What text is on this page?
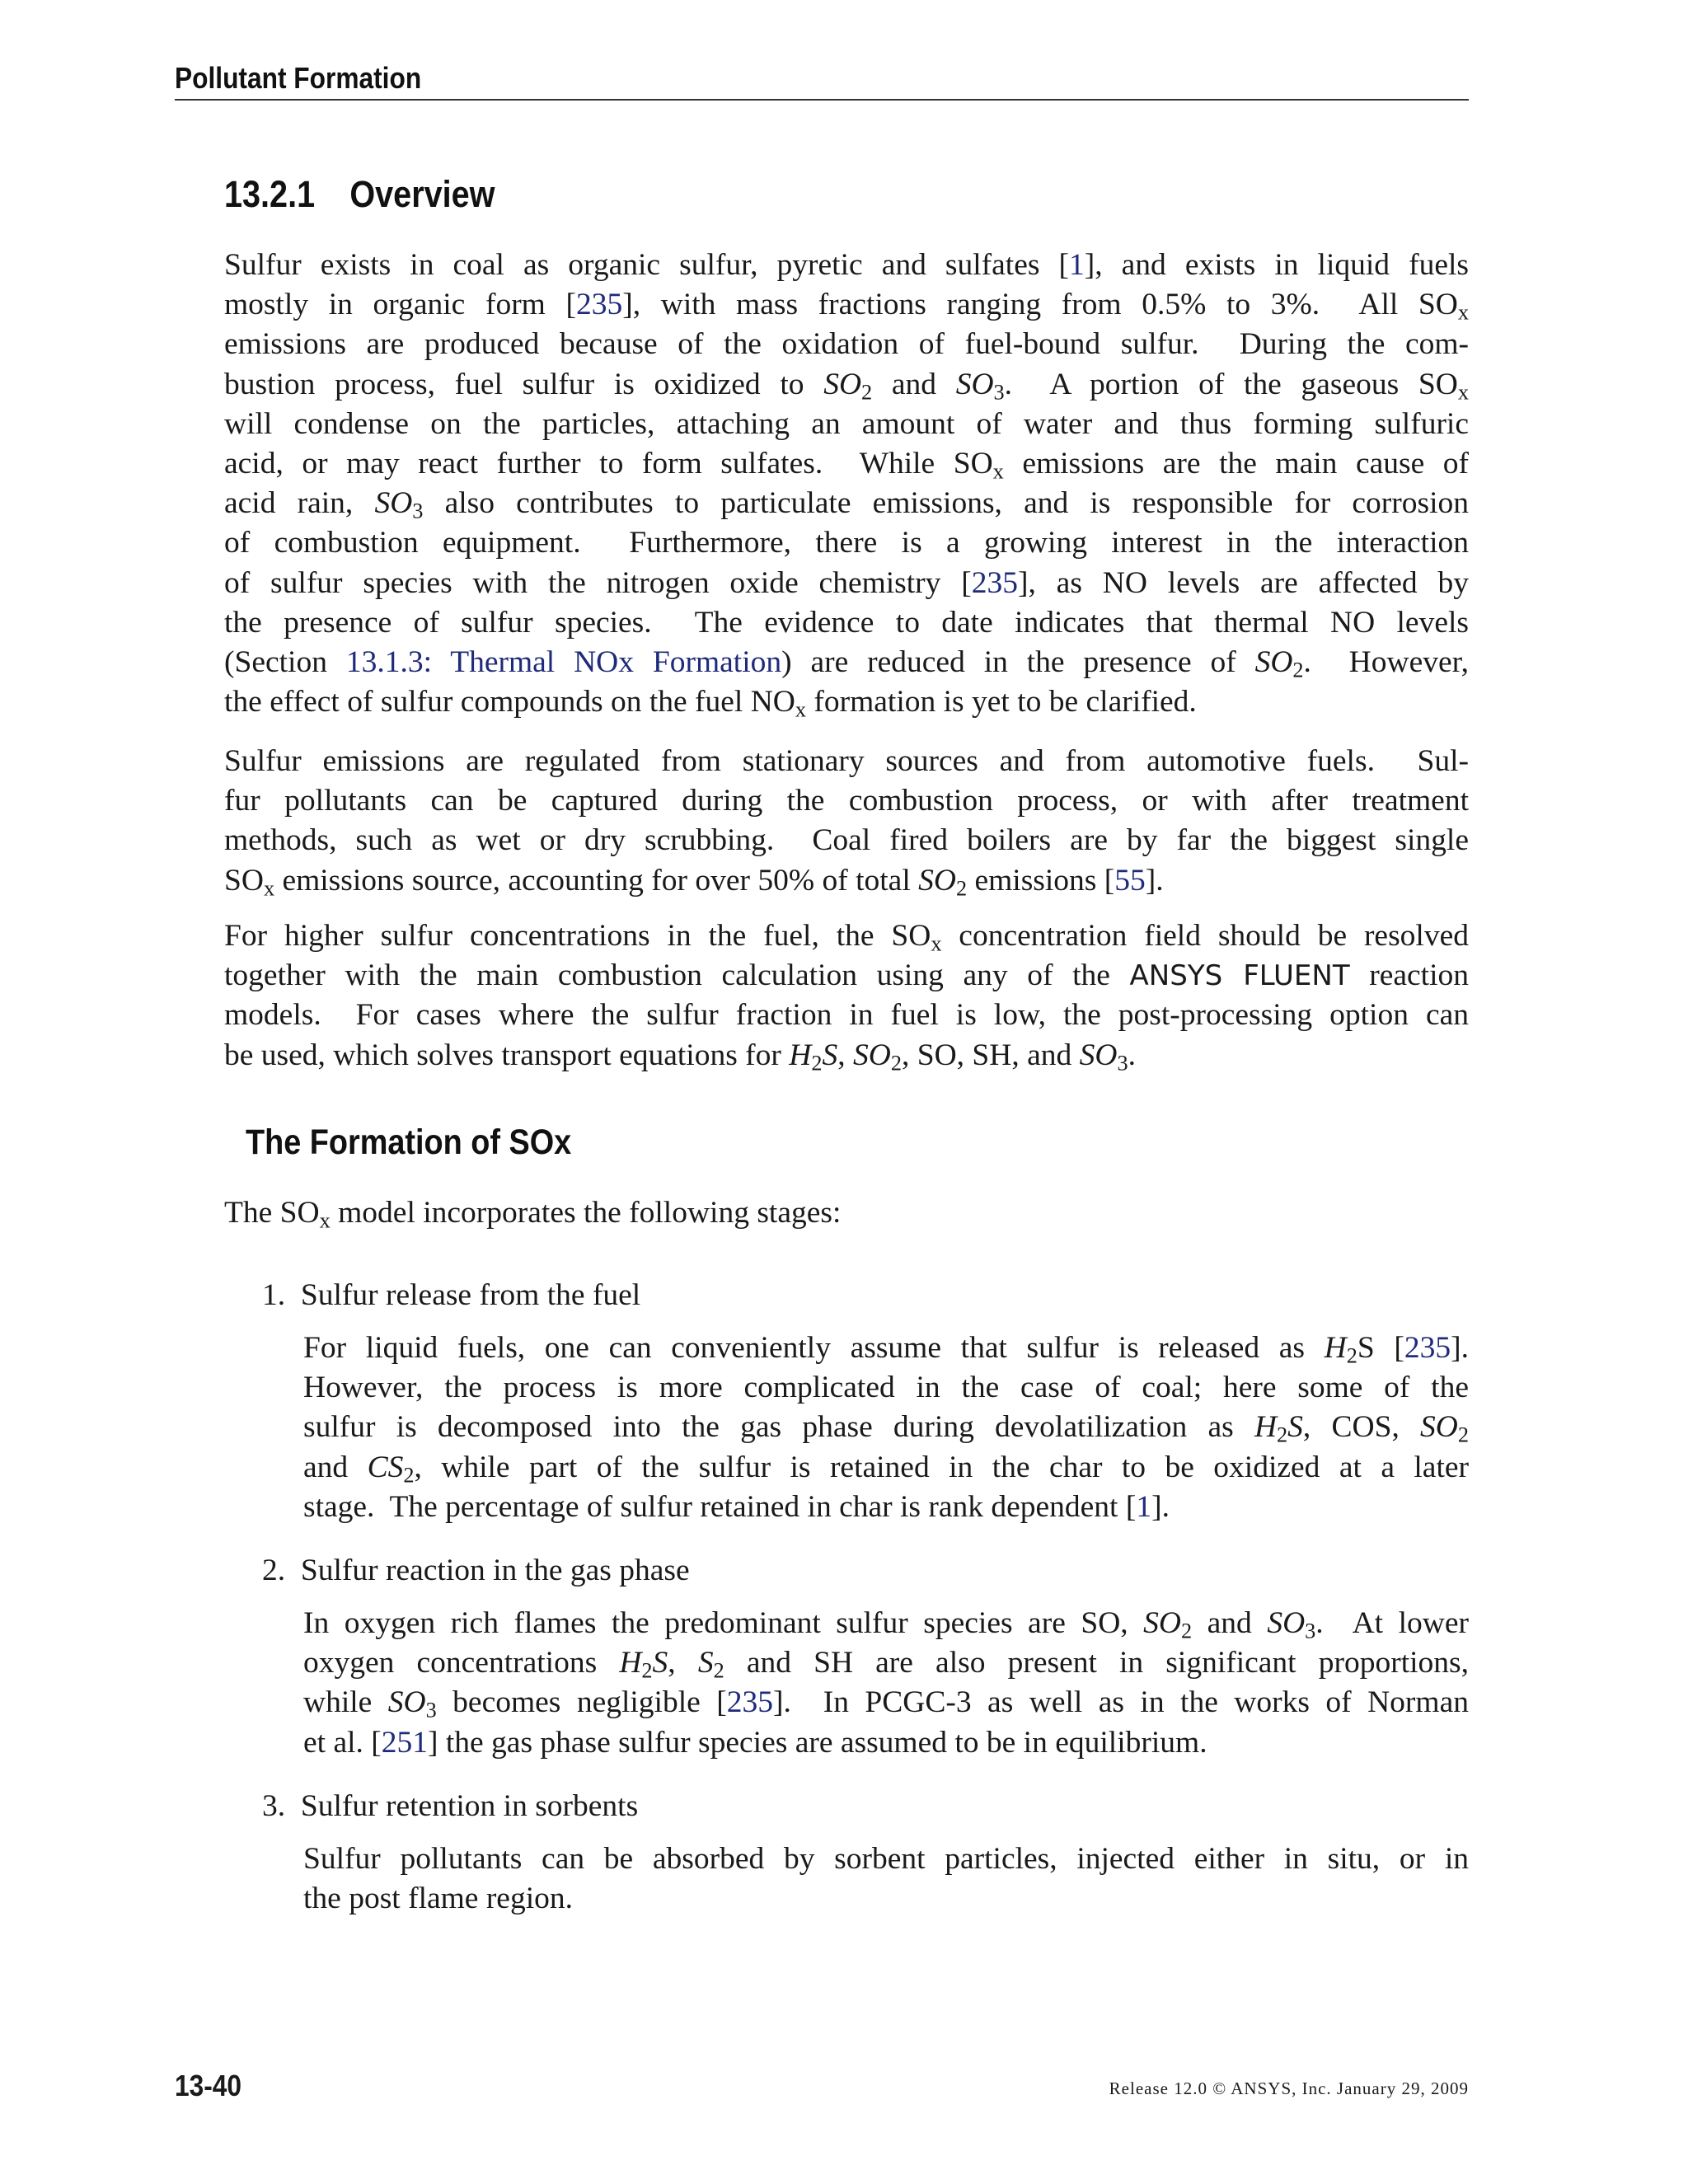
Pollutant Formation
13.2.1 Overview
Sulfur exists in coal as organic sulfur, pyretic and sulfates [1], and exists in liquid fuels
mostly in organic form [235], with mass fractions ranging from 0.5% to 3%.  All $SO_x$
emissions are produced because of the oxidation of fuel-bound sulfur.  During the com-
bustion process, fuel sulfur is oxidized to $SO_2$ and $SO_3$.  A portion of the gaseous $SO_x$
will condense on the particles, attaching an amount of water and thus forming sulfuric
acid, or may react further to form sulfates.  While $SO_x$ emissions are the main cause of
acid rain, $SO_3$ also contributes to particulate emissions, and is responsible for corrosion
of combustion equipment.  Furthermore, there is a growing interest in the interaction
of sulfur species with the nitrogen oxide chemistry [235], as NO levels are affected by
the presence of sulfur species.  The evidence to date indicates that thermal NO levels
(Section 13.1.3: Thermal NOx Formation) are reduced in the presence of $SO_2$.  However,
the effect of sulfur compounds on the fuel $NO_x$ formation is yet to be clarified.
Sulfur emissions are regulated from stationary sources and from automotive fuels.  Sul-
fur pollutants can be captured during the combustion process, or with after treatment
methods, such as wet or dry scrubbing.  Coal fired boilers are by far the biggest single
$SO_x$ emissions source, accounting for over 50% of total $SO_2$ emissions [55].
For higher sulfur concentrations in the fuel, the $SO_x$ concentration field should be resolved
together with the main combustion calculation using any of the ANSYS FLUENT reaction
models.  For cases where the sulfur fraction in fuel is low, the post-processing option can
be used, which solves transport equations for $H_2S$, $SO_2$, SO, SH, and $SO_3$.
The Formation of SOx
The $SO_x$ model incorporates the following stages:
1. Sulfur release from the fuel
For liquid fuels, one can conveniently assume that sulfur is released as $H_2S$ [235].
However, the process is more complicated in the case of coal; here some of the
sulfur is decomposed into the gas phase during devolatilization as $H_2S$, COS, $SO_2$
and $CS_2$, while part of the sulfur is retained in the char to be oxidized at a later
stage.  The percentage of sulfur retained in char is rank dependent [1].
2. Sulfur reaction in the gas phase
In oxygen rich flames the predominant sulfur species are SO, $SO_2$ and $SO_3$.  At lower
oxygen concentrations $H_2S$, $S_2$ and SH are also present in significant proportions,
while $SO_3$ becomes negligible [235].  In PCGC-3 as well as in the works of Norman
et al. [251] the gas phase sulfur species are assumed to be in equilibrium.
3. Sulfur retention in sorbents
Sulfur pollutants can be absorbed by sorbent particles, injected either in situ, or in
the post flame region.
13-40	Release 12.0 © ANSYS, Inc. January 29, 2009
